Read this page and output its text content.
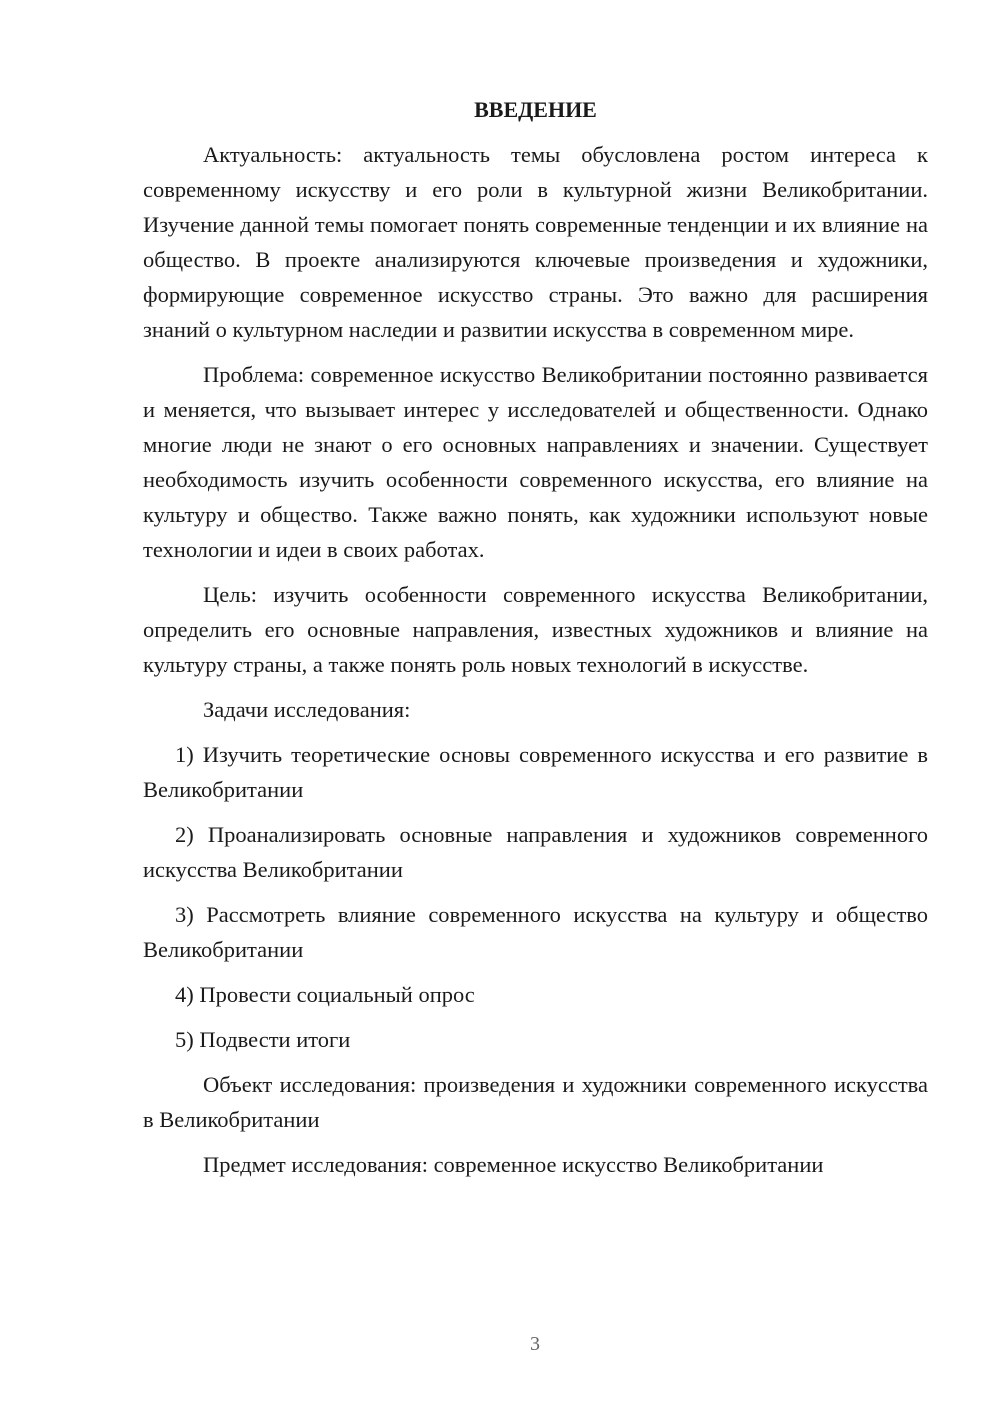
ВВЕДЕНИЕ

Актуальность: актуальность темы обусловлена ростом интереса к современному искусству и его роли в культурной жизни Великобритании. Изучение данной темы помогает понять современные тенденции и их влияние на общество. В проекте анализируются ключевые произведения и художники, формирующие современное искусство страны. Это важно для расширения знаний о культурном наследии и развитии искусства в современном мире.

Проблема: современное искусство Великобритании постоянно развивается и меняется, что вызывает интерес у исследователей и общественности. Однако многие люди не знают о его основных направлениях и значении. Существует необходимость изучить особенности современного искусства, его влияние на культуру и общество. Также важно понять, как художники используют новые технологии и идеи в своих работах.

Цель: изучить особенности современного искусства Великобритании, определить его основные направления, известных художников и влияние на культуру страны, а также понять роль новых технологий в искусстве.

Задачи исследования:

1) Изучить теоретические основы современного искусства и его развитие в Великобритании

2) Проанализировать основные направления и художников современного искусства Великобритании

3) Рассмотреть влияние современного искусства на культуру и общество Великобритании

4) Провести социальный опрос

5) Подвести итоги

Объект исследования: произведения и художники современного искусства в Великобритании

Предмет исследования: современное искусство Великобритании

3
